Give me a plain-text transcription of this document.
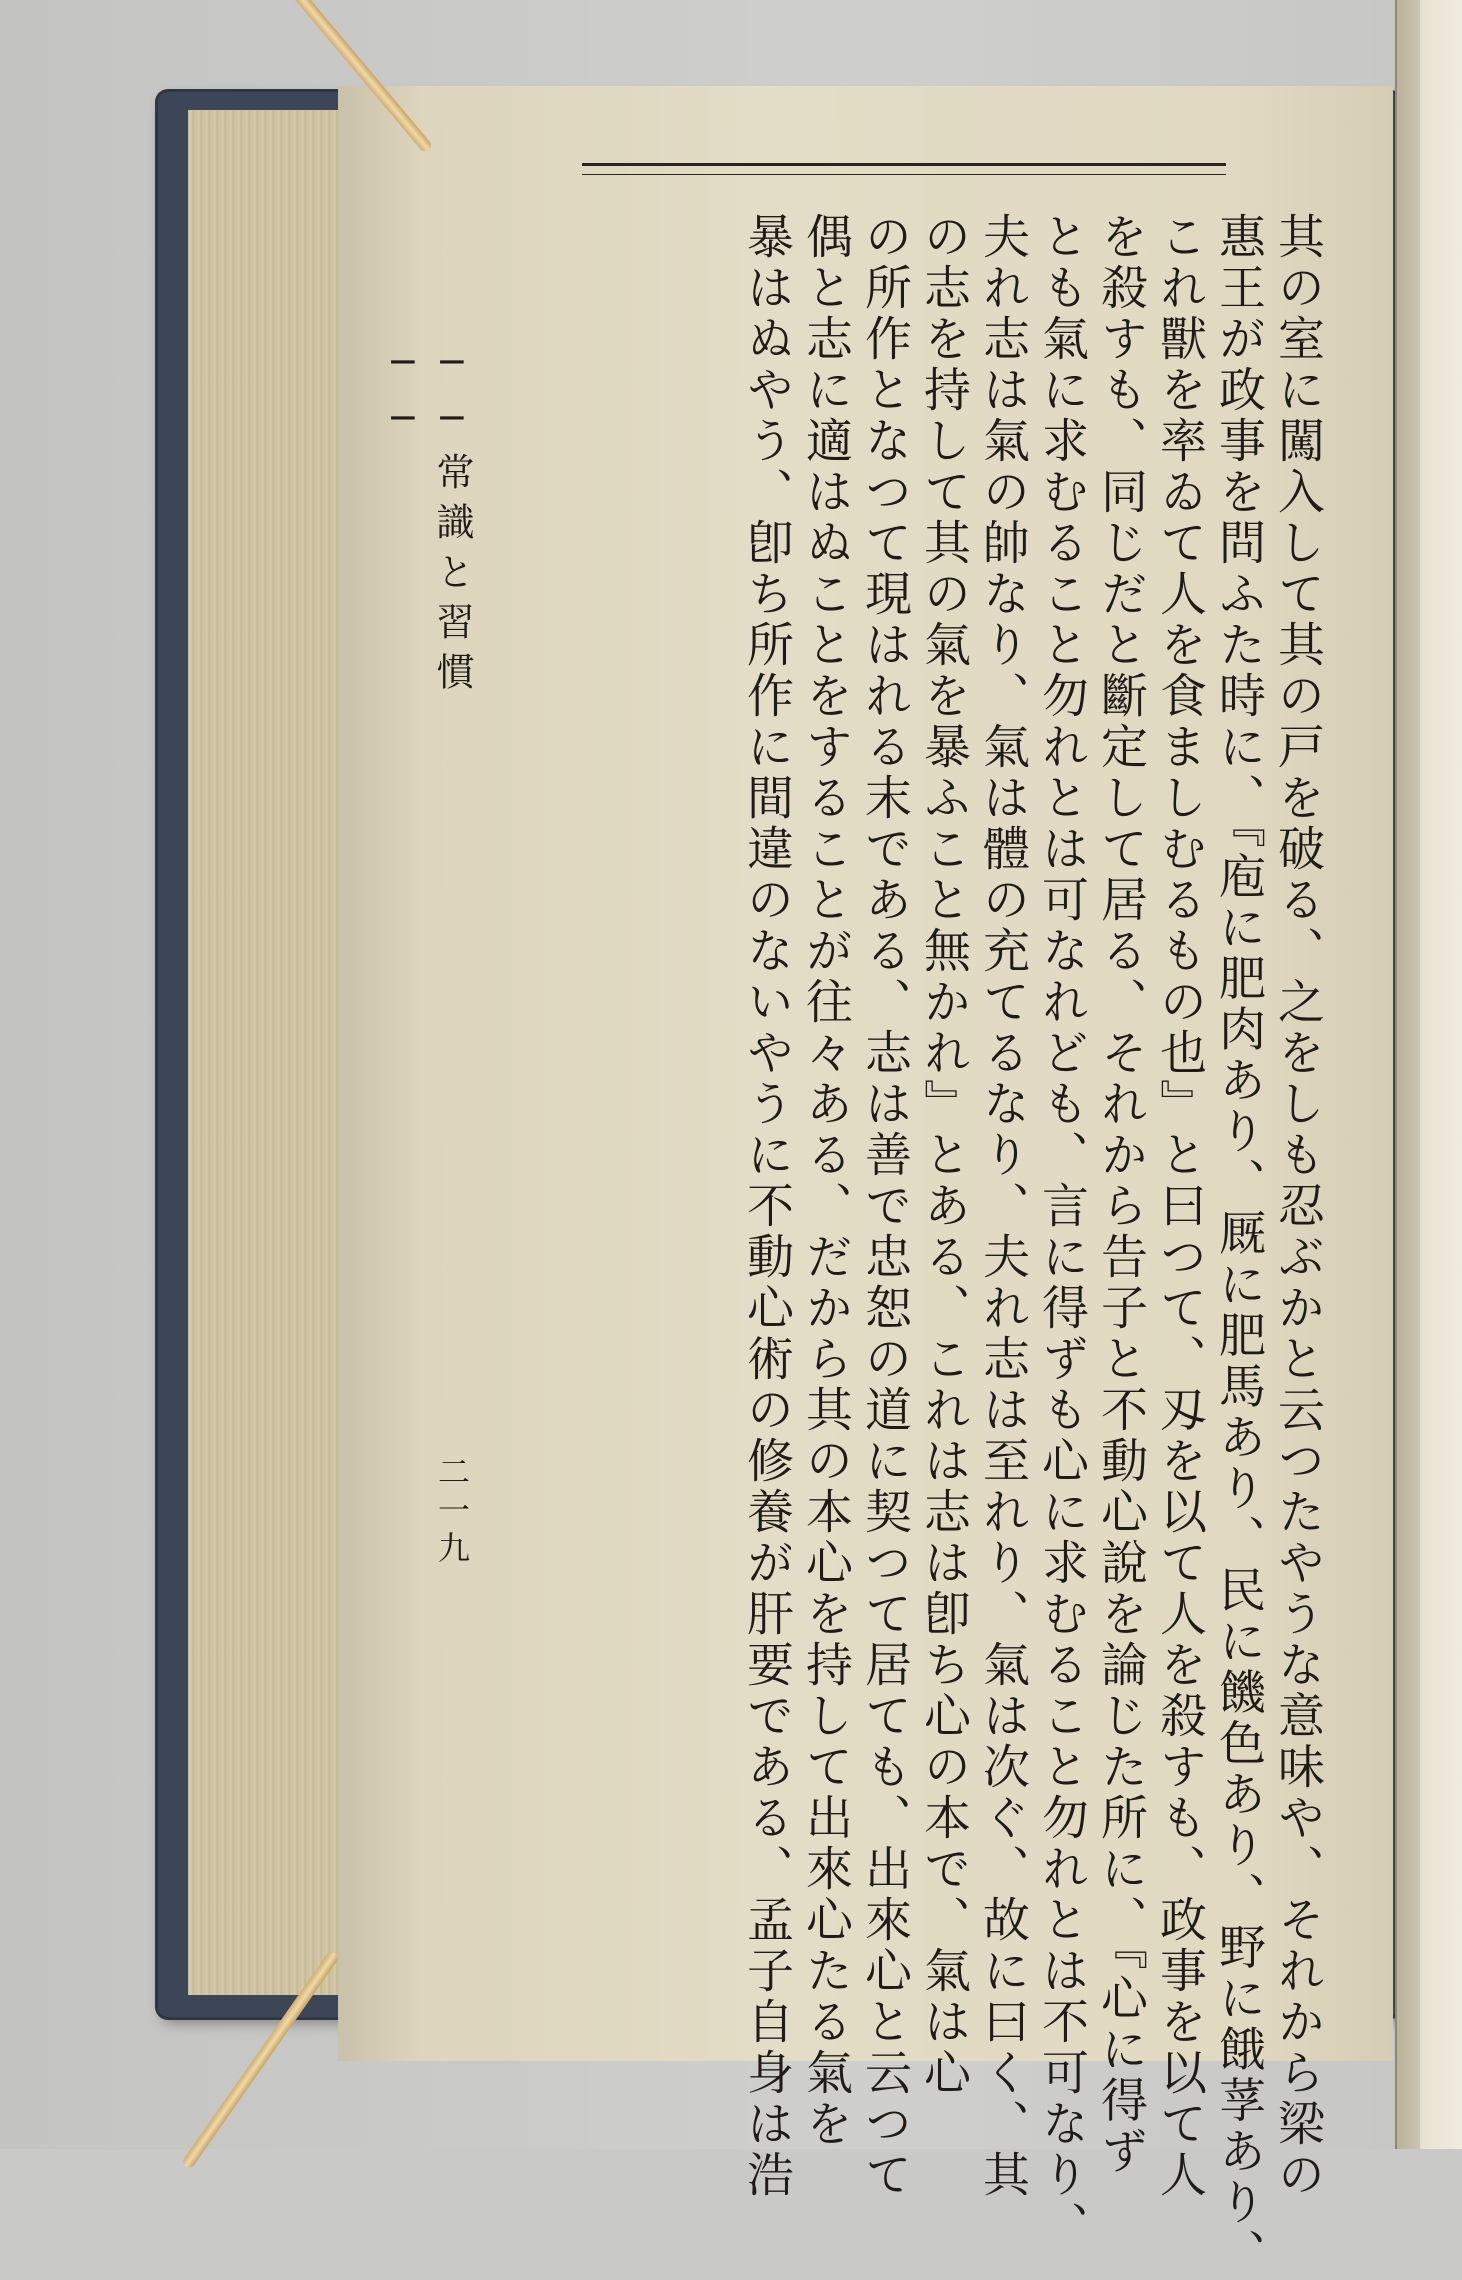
其の室に闖入して其の戸を破る、之をしも忍ぶかと云つたやうな意味や、それから梁の
惠王が政事を問ふた時に、『庖に肥肉あり、厩に肥馬あり、民に饑色あり、野に餓莩あり、
これ獸を率ゐて人を食ましむるもの也』と曰つて、刄を以て人を殺すも、政事を以て人
を殺すも、同じだと斷定して居る、それから告子と不動心說を論じた所に、『心に得ず
とも氣に求むること勿れとは可なれども、言に得ずも心に求むること勿れとは不可なり、
夫れ志は氣の帥なり、氣は體の充てるなり、夫れ志は至れり、氣は次ぐ、故に曰く、其
の志を持して其の氣を暴ふこと無かれ』とある、これは志は卽ち心の本で、氣は心
の所作となつて現はれる末である、志は善で忠恕の道に契つて居ても、出來心と云つて
偶と志に適はぬことをすることが往々ある、だから其の本心を持して出來心たる氣を
暴はぬやう、卽ち所作に間違のないやうに不動心術の修養が肝要である、孟子自身は浩
──常識と習慣──
二一九
